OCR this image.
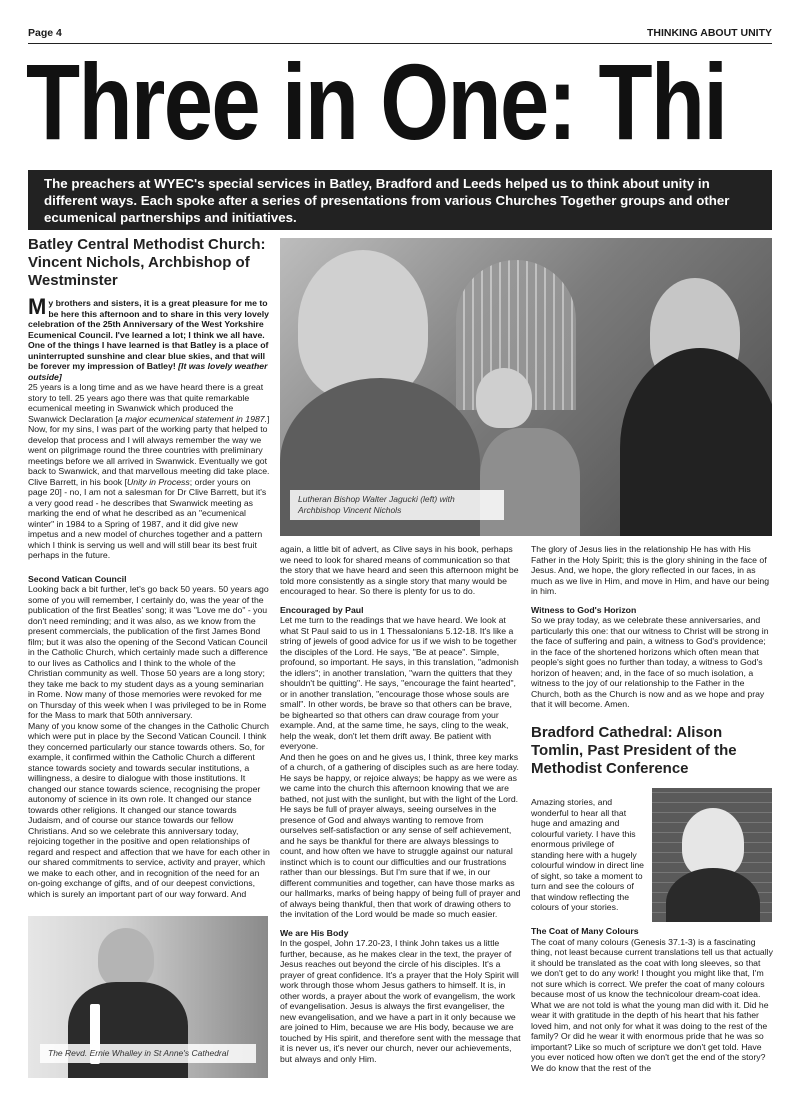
Page 4	THINKING ABOUT UNITY
Three in One: Thi
The preachers at WYEC's special services in Batley, Bradford and Leeds helped us to think about unity in different ways. Each spoke after a series of presentations from various Churches Together groups and other ecumenical partnerships and initiatives.
Batley Central Methodist Church: Vincent Nichols, Archbishop of Westminster

My brothers and sisters, it is a great pleasure for me to be here this afternoon and to share in this very lovely celebration of the 25th Anniversary of the West Yorkshire Ecumenical Council. I've learned a lot; I think we all have. One of the things I have learned is that Batley is a place of uninterrupted sunshine and clear blue skies, and that will be forever my impression of Batley! [It was lovely weather outside]

25 years is a long time and as we have heard there is a great story to tell. 25 years ago there was that quite remarkable ecumenical meeting in Swanwick which produced the Swanwick Declaration [a major ecumenical statement in 1987.] Now, for my sins, I was part of the working party that helped to develop that process and I will always remember the way we went on pilgrimage round the three countries with preliminary meetings before we all arrived in Swanwick. Eventually we got back to Swanwick, and that marvellous meeting did take place.

Clive Barrett, in his book [Unity in Process; order yours on page 20] - no, I am not a salesman for Dr Clive Barrett, but it's a very good read - he describes that Swanwick meeting as marking the end of what he described as an "ecumenical winter" in 1984 to a Spring of 1987, and it did give new impetus and a new model of churches together and a pattern which I think is serving us well and will still bear its best fruit perhaps in the future.

Second Vatican Council

Looking back a bit further, let's go back 50 years. 50 years ago some of you will remember, I certainly do, was the year of the publication of the first Beatles' song; it was "Love me do" - you don't need reminding; and it was also, as we know from the present commercials, the publication of the first James Bond film; but it was also the opening of the Second Vatican Council in the Catholic Church, which certainly made such a difference to our lives as Catholics and I think to the whole of the Christian community as well. Those 50 years are a long story; they take me back to my student days as a young seminarian in Rome. Now many of those memories were revoked for me on Thursday of this week when I was privileged to be in Rome for the Mass to mark that 50th anniversary.

Many of you know some of the changes in the Catholic Church which were put in place by the Second Vatican Council. I think they concerned particularly our stance towards others. So, for example, it confirmed within the Catholic Church a different stance towards society and towards secular institutions, a willingness, a desire to dialogue with those institutions. It changed our stance towards science, recognising the proper autonomy of science in its own role. It changed our stance towards other religions. It changed our stance towards Judaism, and of course our stance towards our fellow Christians. And so we celebrate this anniversary today, rejoicing together in the positive and open relationships of regard and respect and affection that we have for each other in our shared commitments to service, activity and prayer, which we make to each other, and in recognition of the need for an on-going exchange of gifts, and of our deepest convictions, which is surely an important part of our way forward. And

The Revd. Ernie Whalley in St Anne's Cathedral
Lutheran Bishop Walter Jagucki (left) with Archbishop Vincent Nichols

again, a little bit of advert, as Clive says in his book, perhaps we need to look for shared means of communication so that the story that we have heard and seen this afternoon might be told more consistently as a single story that many would be encouraged to hear. So there is plenty for us to do.

Encouraged by Paul

Let me turn to the readings that we have heard. We look at what St Paul said to us in 1 Thessalonians 5.12-18. It's like a string of jewels of good advice for us if we wish to be together the disciples of the Lord. He says, "Be at peace". Simple, profound, so important. He says, in this translation, "admonish the idlers"; in another translation, "warn the quitters that they shouldn't be quitting". He says, "encourage the faint hearted", or in another translation, "encourage those whose souls are small". In other words, be brave so that others can be brave, be bighearted so that others can draw courage from your example. And, at the same time, he says, cling to the weak, help the weak, don't let them drift away. Be patient with everyone.

And then he goes on and he gives us, I think, three key marks of a church, of a gathering of disciples such as are here today. He says be happy, or rejoice always; be happy as we were as we came into the church this afternoon knowing that we are bathed, not just with the sunlight, but with the light of the Lord. He says be full of prayer always, seeing ourselves in the presence of God and always wanting to remove from ourselves self-satisfaction or any sense of self achievement, and he says be thankful for there are always blessings to count, and how often we have to struggle against our natural instinct which is to count our difficulties and our frustrations rather than our blessings. But I'm sure that if we, in our different communities and together, can have those marks as our hallmarks, marks of being happy of being full of prayer and of always being thankful, then that work of drawing others to the invitation of the Lord would be made so much easier.

We are His Body

In the gospel, John 17.20-23, I think John takes us a little further, because, as he makes clear in the text, the prayer of Jesus reaches out beyond the circle of his disciples. It's a prayer of great confidence. It's a prayer that the Holy Spirit will work through those whom Jesus gathers to himself. It is, in other words, a prayer about the work of evangelism, the work of evangelisation. Jesus is always the first evangeliser, the new evangelisation, and we have a part in it only because we are joined to Him, because we are His body, because we are touched by His spirit, and therefore sent with the message that it is never us, it's never our church, never our achievements, but always and only Him.

The glory of Jesus lies in the relationship He has with His Father in the Holy Spirit; this is the glory shining in the face of Jesus. And, we hope, the glory reflected in our faces, in as much as we live in Him, and move in Him, and have our being in him.

Witness to God's Horizon

So we pray today, as we celebrate these anniversaries, and particularly this one: that our witness to Christ will be strong in the face of suffering and pain, a witness to God's providence; in the face of the shortened horizons which often mean that people's sight goes no further than today, a witness to God's horizon of heaven; and, in the face of so much isolation, a witness to the joy of our relationship to the Father in the Church, both as the Church is now and as we hope and pray that it will become. Amen.

Bradford Cathedral: Alison Tomlin, Past President of the Methodist Conference
Amazing stories, and wonderful to hear all that huge and amazing and colourful variety. I have this enormous privilege of standing here with a hugely colourful window in direct line of sight, so take a moment to turn and see the colours of that window reflecting the colours of your stories.

The Coat of Many Colours

The coat of many colours (Genesis 37.1-3) is a fascinating thing, not least because current translations tell us that actually it should be translated as the coat with long sleeves, so that we don't get to do any work! I thought you might like that, I'm not sure which is correct. We prefer the coat of many colours because most of us know the technicolour dream-coat idea.

What we are not told is what the young man did with it. Did he wear it with gratitude in the depth of his heart that his father loved him, and not only for what it was doing to the rest of the family? Or did he wear it with enormous pride that he was so important? Like so much of scripture we don't get told. Have you ever noticed how often we don't get the end of the story? We do know that the rest of the
